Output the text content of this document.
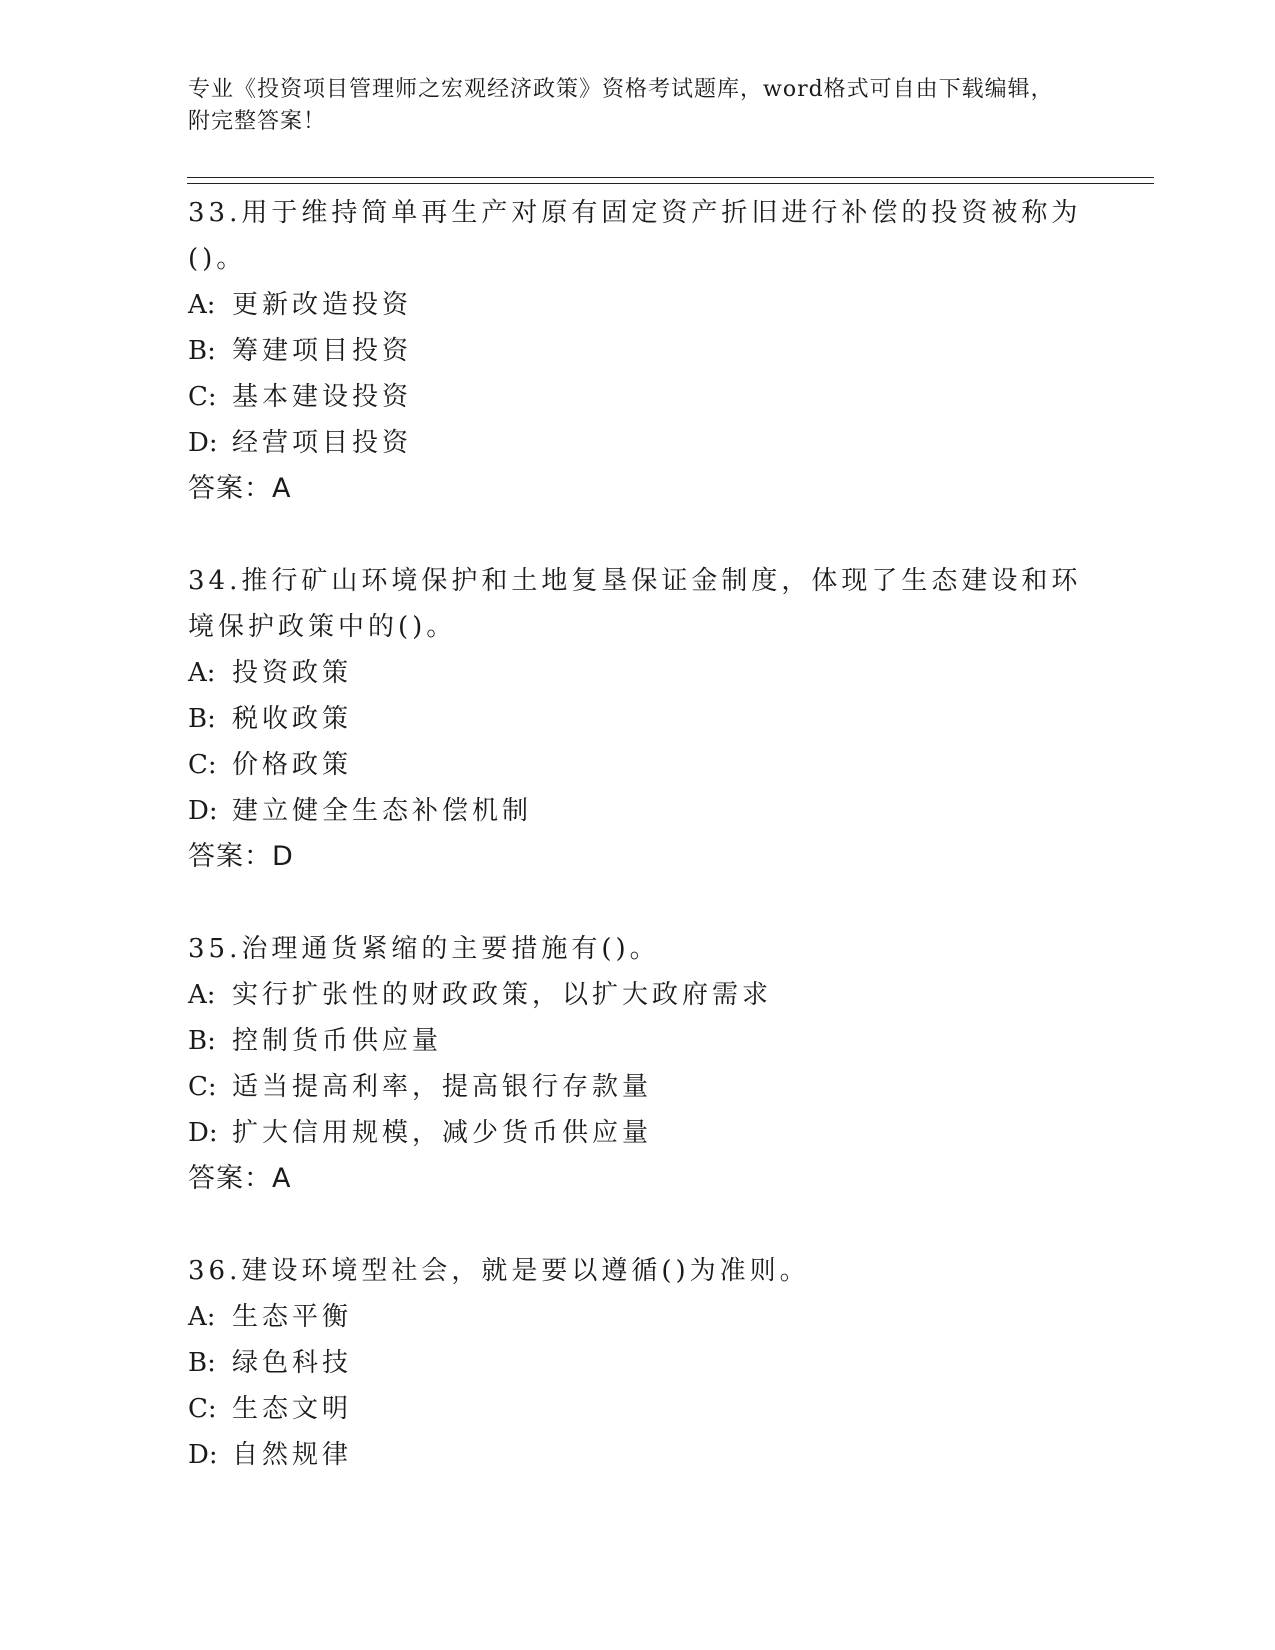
专业《投资项目管理师之宏观经济政策》资格考试题库，word格式可自由下载编辑，附完整答案！
33.用于维持简单再生产对原有固定资产折旧进行补偿的投资被称为()。
A: 更新改造投资
B: 筹建项目投资
C: 基本建设投资
D: 经营项目投资
答案：A
34.推行矿山环境保护和土地复垦保证金制度，体现了生态建设和环境保护政策中的()。
A: 投资政策
B: 税收政策
C: 价格政策
D: 建立健全生态补偿机制
答案：D
35.治理通货紧缩的主要措施有()。
A: 实行扩张性的财政政策，以扩大政府需求
B: 控制货币供应量
C: 适当提高利率，提高银行存款量
D: 扩大信用规模，减少货币供应量
答案：A
36.建设环境型社会，就是要以遵循()为准则。
A: 生态平衡
B: 绿色科技
C: 生态文明
D: 自然规律
